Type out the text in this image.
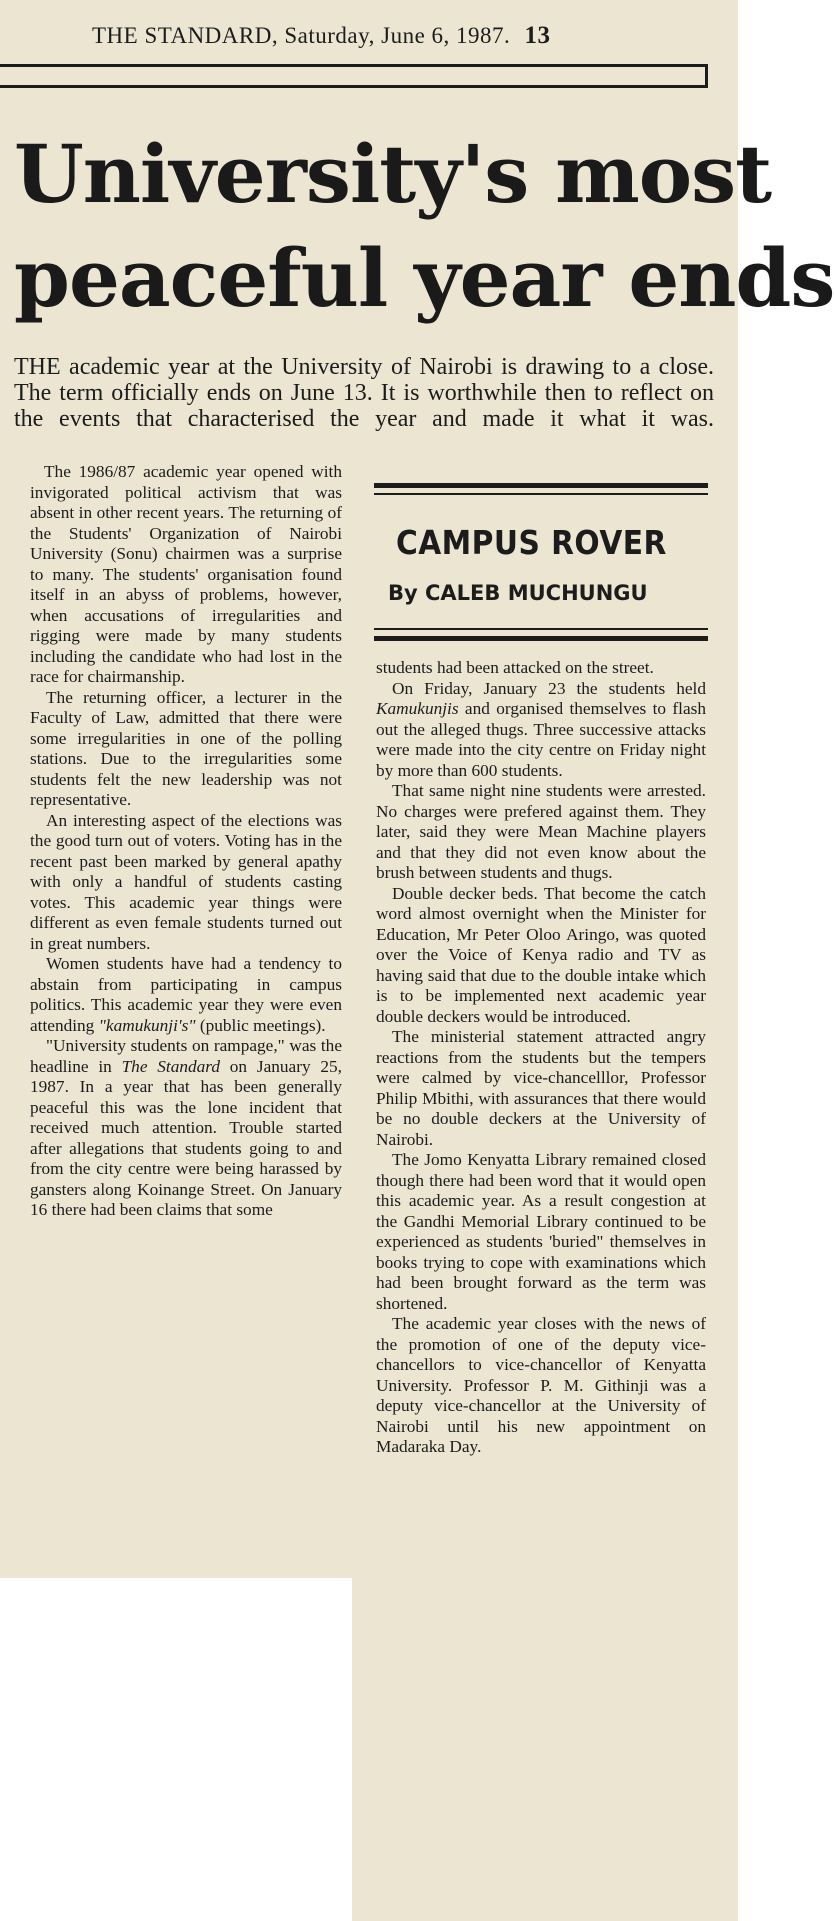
THE STANDARD, Saturday, June 6, 1987. 13
University's most
peaceful year ends

THE academic year at the University of Nairobi is drawing to a close. The term officially ends on June 13. It is worthwhile then to reflect on the events that characterised the year and made it what it was.

The 1986/87 academic year opened with invigorated political activism that was absent in other recent years. The returning of the Students' Organization of Nairobi University (Sonu) chairmen was a surprise to many. The students' organisation found itself in an abyss of problems, however, when accusations of irregularities and rigging were made by many students including the candidate who had lost in the race for chairmanship.

The returning officer, a lecturer in the Faculty of Law, admitted that there were some irregularities in one of the polling stations. Due to the irregularities some students felt the new leadership was not representative.

An interesting aspect of the elections was the good turn out of voters. Voting has in the recent past been marked by general apathy with only a handful of students casting votes. This academic year things were different as even female students turned out in great numbers.

Women students have had a tendency to abstain from participating in campus politics. This academic year they were even attending "kamukunji's" (public meetings).

"University students on rampage," was the headline in The Standard on January 25, 1987. In a year that has been generally peaceful this was the lone incident that received much attention. Trouble started after allegations that students going to and from the city centre were being harassed by gansters along Koinange Street. On January 16 there had been claims that some

CAMPUS ROVER
By CALEB MUCHUNGU

students had been attacked on the street.

On Friday, January 23 the students held Kamukunjis and organised themselves to flash out the alleged thugs. Three successive attacks were made into the city centre on Friday night by more than 600 students.

That same night nine students were arrested. No charges were prefered against them. They later, said they were Mean Machine players and that they did not even know about the brush between students and thugs.

Double decker beds. That become the catch word almost overnight when the Minister for Education, Mr Peter Oloo Aringo, was quoted over the Voice of Kenya radio and TV as having said that due to the double intake which is to be implemented next academic year double deckers would be introduced.

The ministerial statement attracted angry reactions from the students but the tempers were calmed by vice-chancelllor, Professor Philip Mbithi, with assurances that there would be no double deckers at the University of Nairobi.

The Jomo Kenyatta Library remained closed though there had been word that it would open this academic year. As a result congestion at the Gandhi Memorial Library continued to be experienced as students 'buried" themselves in books trying to cope with examinations which had been brought forward as the term was shortened.

The academic year closes with the news of the promotion of one of the deputy vice-chancellors to vice-chancellor of Kenyatta University. Professor P. M. Githinji was a deputy vice-chancellor at the University of Nairobi until his new appointment on Madaraka Day.
